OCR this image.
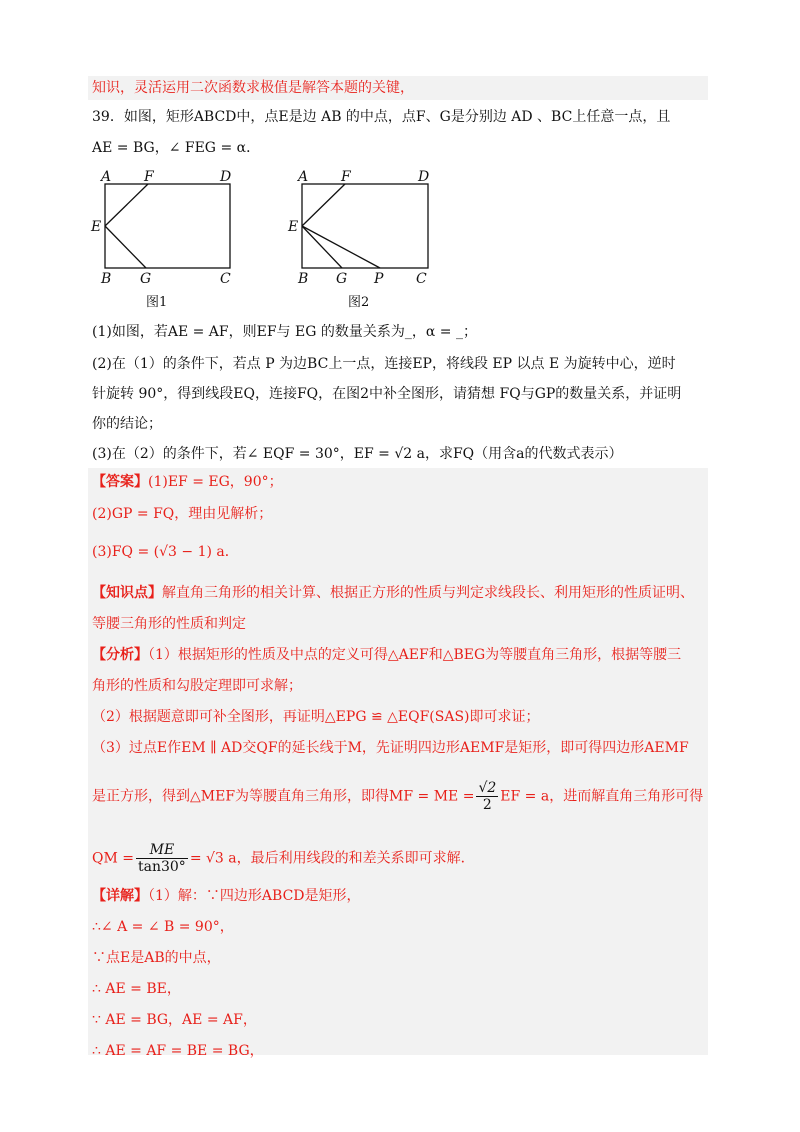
知识，灵活运用二次函数求极值是解答本题的关键，
39．如图，矩形ABCD中，点E是边 AB 的中点，点F、G是分别边 AD 、BC上任意一点，且
AE = BG，∠ FEG = α．
A F	D
E
B G	C
图1
A F	D
E
B G P C
图2
(1)如图，若AE = AF，则EF与 EG 的数量关系为_，α = _；
(2)在（1）的条件下，若点 P 为边BC上一点，连接EP，将线段 EP 以点 E 为旋转中心，逆时
针旋转 90°，得到线段EQ，连接FQ，在图2中补全图形，请猜想 FQ与GP的数量关系，并证明
你的结论；
(3)在（2）的条件下，若∠ EQF = 30°，EF = √2 a，求FQ（用含a的代数式表示）
【答案】(1)EF = EG，90°；
(2)GP = FQ，理由见解析；
(3)FQ = (√3 − 1) a．
【知识点】解直角三角形的相关计算、根据正方形的性质与判定求线段长、利用矩形的性质证明、
等腰三角形的性质和判定
【分析】（1）根据矩形的性质及中点的定义可得△AEF和△BEG为等腰直角三角形，根据等腰三
角形的性质和勾股定理即可求解；
（2）根据题意即可补全图形，再证明△EPG ≌ △EQF(SAS)即可求证；
（3）过点E作EM ∥ AD交QF的延长线于M，先证明四边形AEMF是矩形，即可得四边形AEMF
是正方形，得到△MEF为等腰直角三角形，即得MF = ME = $\frac{√2}{2}$ EF = a，进而解直角三角形可得
QM = $\frac{ME}{\tan 30^\circ} = √3$ a，最后利用线段的和差关系即可求解．
【详解】（1）解：∵四边形ABCD是矩形，
∴∠ A = ∠ B = 90°，
∵点E是AB的中点，
∴ AE = BE，
∵ AE = BG，AE = AF，
∴ AE = AF = BE = BG，
